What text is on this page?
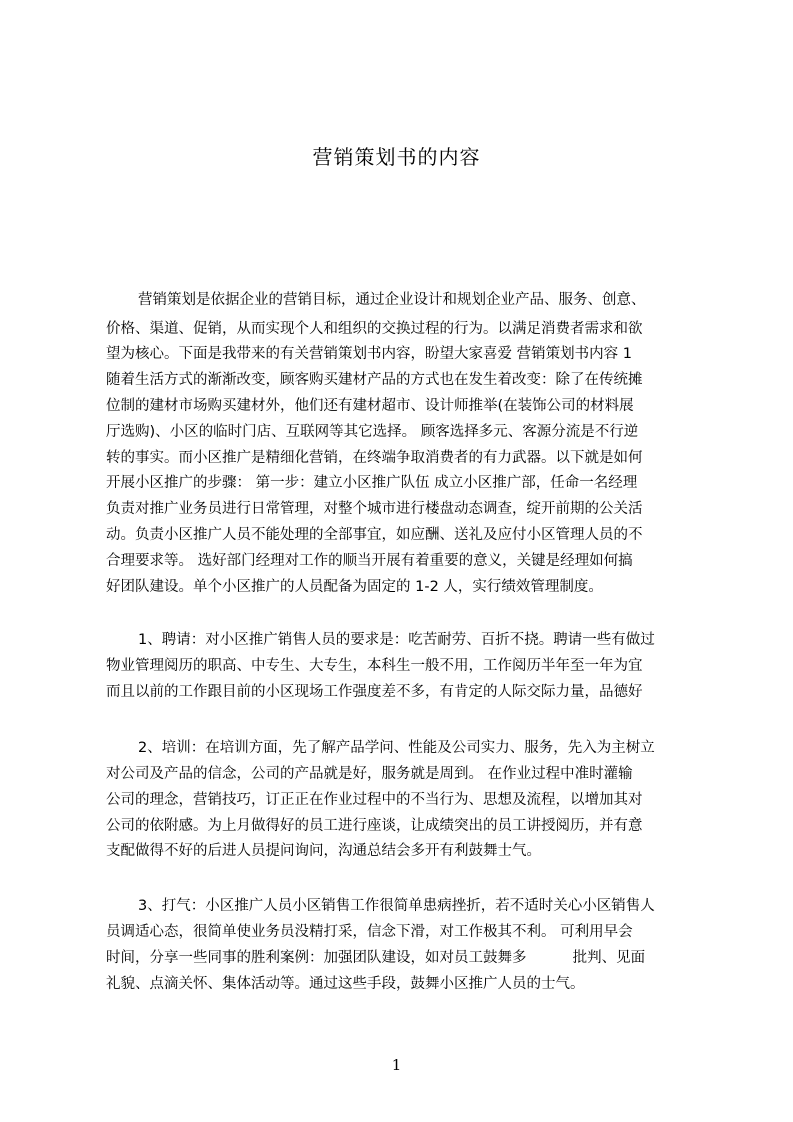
营销策划书的内容
营销策划是依据企业的营销目标，通过企业设计和规划企业产品、服务、创意、
价格、渠道、促销，从而实现个人和组织的交换过程的行为。以满足消费者需求和欲
望为核心。下面是我带来的有关营销策划书内容，盼望大家喜爱 营销策划书内容 1
随着生活方式的渐渐改变，顾客购买建材产品的方式也在发生着改变：除了在传统摊
位制的建材市场购买建材外，他们还有建材超市、设计师推举(在装饰公司的材料展
厅选购)、小区的临时门店、互联网等其它选择。 顾客选择多元、客源分流是不行逆
转的事实。而小区推广是精细化营销，在终端争取消费者的有力武器。以下就是如何
开展小区推广的步骤： 第一步：建立小区推广队伍 成立小区推广部，任命一名经理
负责对推广业务员进行日常管理，对整个城市进行楼盘动态调查，绽开前期的公关活
动。负责小区推广人员不能处理的全部事宜，如应酬、送礼及应付小区管理人员的不
合理要求等。 选好部门经理对工作的顺当开展有着重要的意义，关键是经理如何搞
好团队建设。单个小区推广的人员配备为固定的 1-2 人，实行绩效管理制度。
1、聘请：对小区推广销售人员的要求是：吃苦耐劳、百折不挠。聘请一些有做过
物业管理阅历的职高、中专生、大专生，本科生一般不用，工作阅历半年至一年为宜
而且以前的工作跟目前的小区现场工作强度差不多，有肯定的人际交际力量，品德好
2、培训：在培训方面，先了解产品学问、性能及公司实力、服务，先入为主树立
对公司及产品的信念，公司的产品就是好，服务就是周到。 在作业过程中准时灌输
公司的理念，营销技巧，订正正在作业过程中的不当行为、思想及流程，以增加其对
公司的依附感。为上月做得好的员工进行座谈，让成绩突出的员工讲授阅历，并有意
支配做得不好的后进人员提问询问，沟通总结会多开有利鼓舞士气。
3、打气：小区推广人员小区销售工作很简单患病挫折，若不适时关心小区销售人
员调适心态，很简单使业务员没精打采，信念下滑，对工作极其不利。 可利用早会
时间，分享一些同事的胜利案例：加强团队建设，如对员工鼓舞多          批判、见面
礼貌、点滴关怀、集体活动等。通过这些手段，鼓舞小区推广人员的士气。
1
